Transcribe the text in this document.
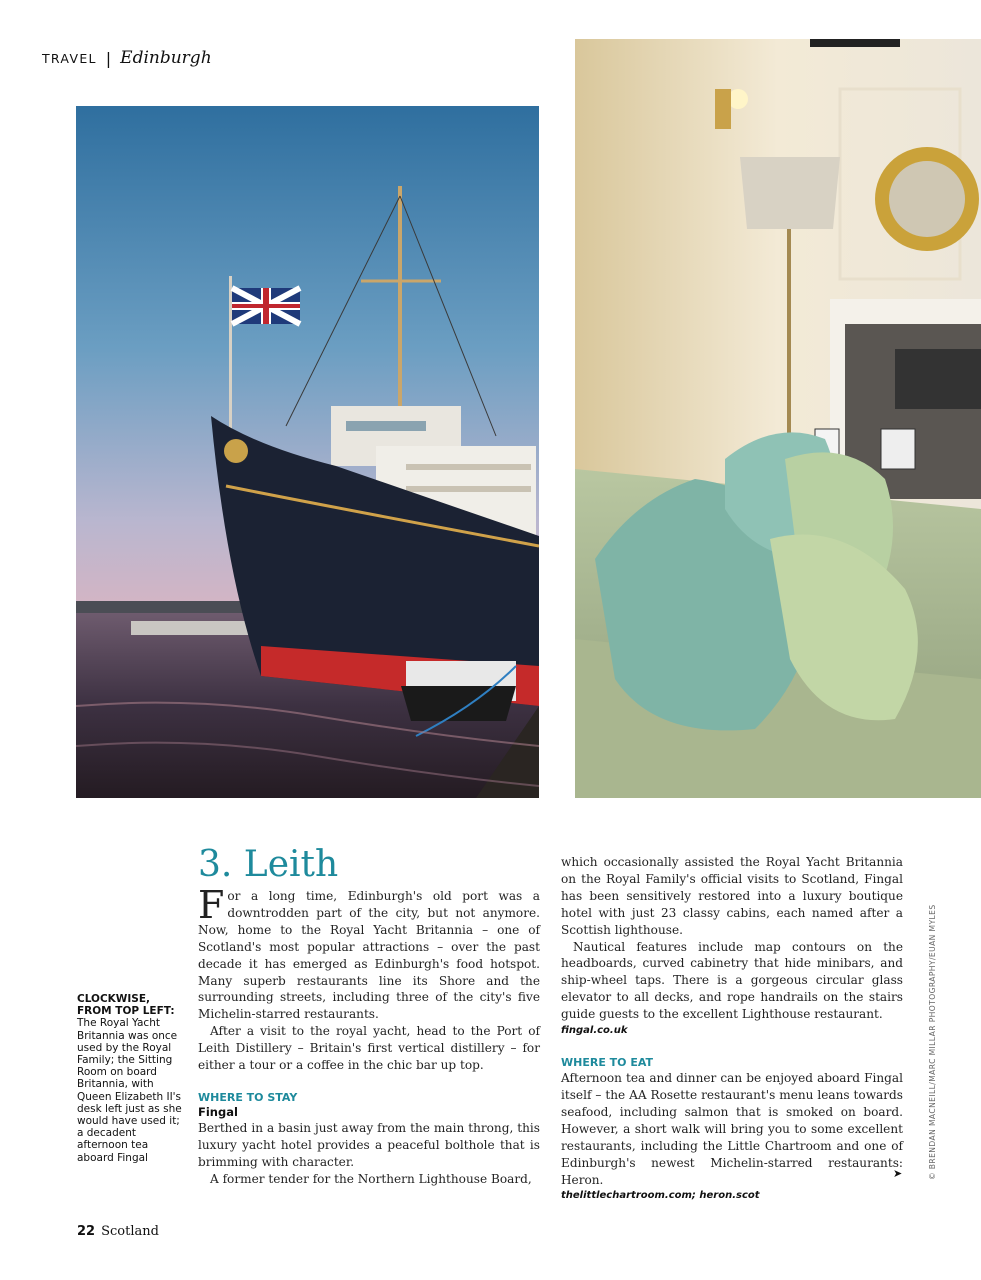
TRAVEL | Edinburgh
CLOCKWISE, FROM TOP LEFT:
The Royal Yacht Britannia was once used by the Royal Family; the Sitting Room on board Britannia, with Queen Elizabeth II's desk left just as she would have used it; a decadent afternoon tea aboard Fingal
3. Leith

For a long time, Edinburgh's old port was a downtrodden part of the city, but not anymore. Now, home to the Royal Yacht Britannia – one of Scotland's most popular attractions – over the past decade it has emerged as Edinburgh's food hotspot. Many superb restaurants line its Shore and the surrounding streets, including three of the city's five Michelin-starred restaurants.

After a visit to the royal yacht, head to the Port of Leith Distillery – Britain's first vertical distillery – for either a tour or a coffee in the chic bar up top.

WHERE TO STAY

Fingal

Berthed in a basin just away from the main throng, this luxury yacht hotel provides a peaceful bolthole that is brimming with character.

A former tender for the Northern Lighthouse Board,

which occasionally assisted the Royal Yacht Britannia on the Royal Family's official visits to Scotland, Fingal has been sensitively restored into a luxury boutique hotel with just 23 classy cabins, each named after a Scottish lighthouse.

Nautical features include map contours on the headboards, curved cabinetry that hide minibars, and ship-wheel taps. There is a gorgeous circular glass elevator to all decks, and rope handrails on the stairs guide guests to the excellent Lighthouse restaurant.

fingal.co.uk

WHERE TO EAT

Afternoon tea and dinner can be enjoyed aboard Fingal itself – the AA Rosette restaurant's menu leans towards seafood, including salmon that is smoked on board. However, a short walk will bring you to some excellent restaurants, including the Little Chartroom and one of Edinburgh's newest Michelin-starred restaurants: Heron.

thelittlechartroom.com; heron.scot

➤	© BRENDAN MACNEILL/MARC MILLAR PHOTOGRAPHY/EUAN MYLES
22 Scotland
